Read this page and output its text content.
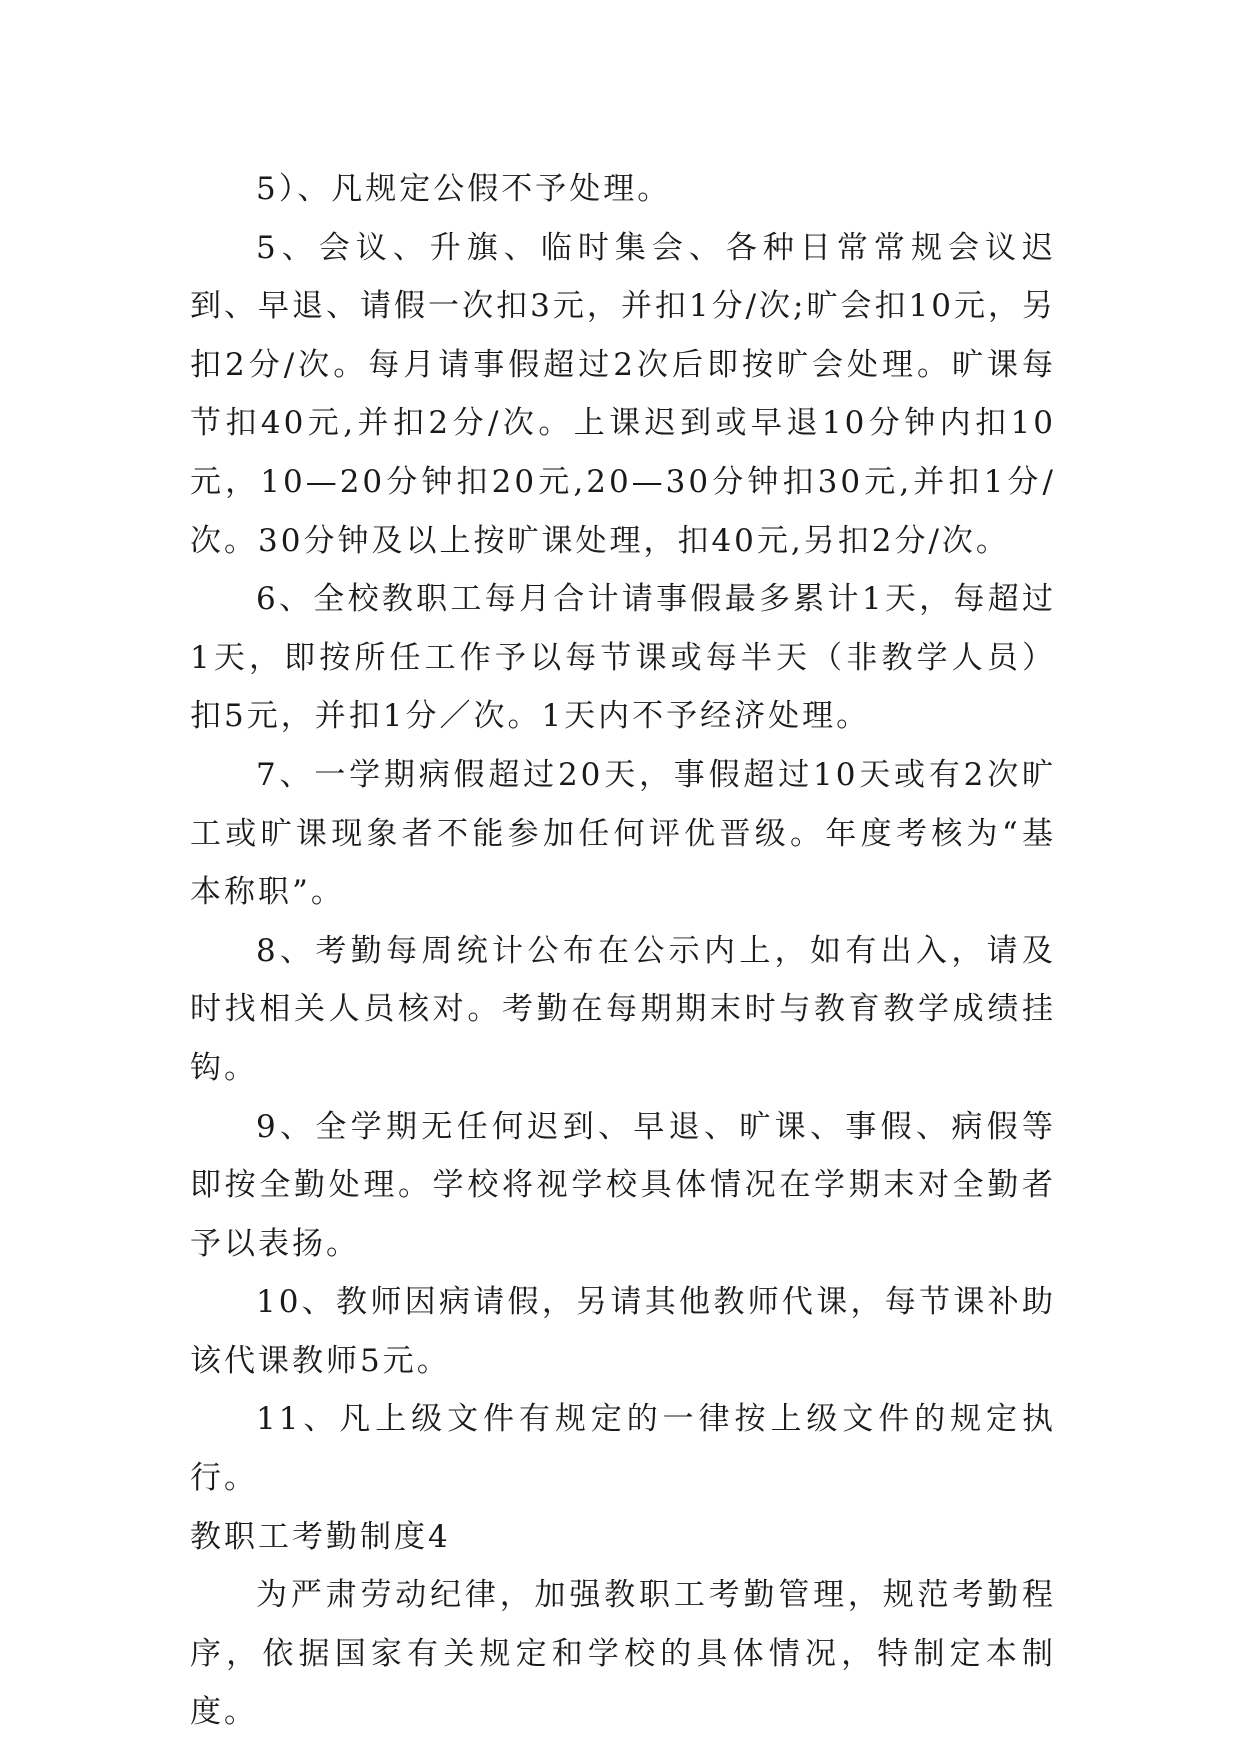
5）、凡规定公假不予处理。

5、会议、升旗、临时集会、各种日常常规会议迟到、早退、请假一次扣3元，并扣1分/次;旷会扣10元，另扣2分/次。每月请事假超过2次后即按旷会处理。旷课每节扣40元,并扣2分/次。上课迟到或早退10分钟内扣10元，10—20分钟扣20元,20—30分钟扣30元,并扣1分/次。30分钟及以上按旷课处理，扣40元,另扣2分/次。

6、全校教职工每月合计请事假最多累计1天，每超过1天，即按所任工作予以每节课或每半天（非教学人员）扣5元，并扣1分／次。1天内不予经济处理。

7、一学期病假超过20天，事假超过10天或有2次旷工或旷课现象者不能参加任何评优晋级。年度考核为“基本称职”。

8、考勤每周统计公布在公示内上，如有出入，请及时找相关人员核对。考勤在每期期末时与教育教学成绩挂钩。

9、全学期无任何迟到、早退、旷课、事假、病假等即按全勤处理。学校将视学校具体情况在学期末对全勤者予以表扬。

10、教师因病请假，另请其他教师代课，每节课补助该代课教师5元。

11、凡上级文件有规定的一律按上级文件的规定执行。

教职工考勤制度4

为严肃劳动纪律，加强教职工考勤管理，规范考勤程序，依据国家有关规定和学校的具体情况，特制定本制度。
